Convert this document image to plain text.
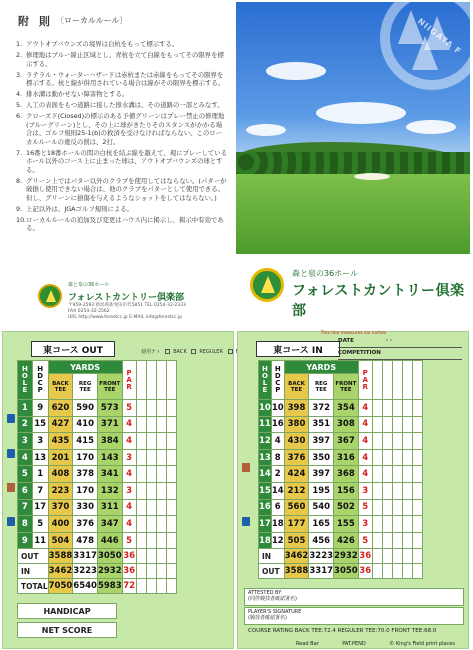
附 則 〔ローカルルール〕
1. アウトオブバウンズの境界は白杭をもって標示する。
2. 修理地はブルー線止区域とし、青杭を立て白線をもってその限界を標示する。
3. ラテラル・ウォーターハザードは赤杭または赤線をもってその限界を標示する。杭と線が併用されている場合は線がその限界を標示する。
4. 排水溝は動かせない障害物とする。
5. 人工の表面をもつ道路に接した排水溝は、その道路の一部とみなす。
6. クローズド(Closed)の標示のある予備グリーンはプレー禁止の修理地(ブルーグリーン)とし、その上に球がきたりそのスタンスがかかる場合は、ゴルフ規則25-1(b)の救済を受けなければならない。このローカルルールの違反の罰は、2打。
7. 16番と18番ホールの間の白杭を結ぶ線を越えて、現にプレーしているホール以外のコース上に止まった球は、アウトオブバウンズの球とする。
8. グリーン上ではパター以外のクラブを使用してはならない。(パターが破損し使用できない場合は、他のクラブをパターとして使用できる。但し、グリーンに損傷を与えるようなショットをしてはならない。)
9. 上記以外は、JGAゴルフ規則による。
10. ローカルルールの追加及び変更はハウス内に掲示し、掲示中有効である。
森と泉の36ホール
フォレストカントリー倶楽部
〒959-2593 新潟県新発田市代5851 TEL 0254-32-2333 FAX 0254-32-2562
URL http://www.forestcc.jp E-MAIL info@forestcc.jp
NIIGATA F
森と泉の36ホール
フォレストカントリー倶楽部
東コース OUT	使用ティ	BACK	REGULER
HOLE	HDCP	YARDS			PAR				
		BACK TEE	REG TEE	FRONT TEE					
1	9	620	590	573	5				
2	15	427	410	371	4				
3	3	435	415	384	4				
4	13	201	170	143	3				
5	1	408	378	341	4				
6	7	223	170	132	3				
7	17	370	330	311	4				
8	5	400	376	347	4				
9	11	504	478	446	5				
OUT		3588	3317	3050	36				
IN		3462	3223	2932	36				
TOTAL		7050	6540	5983	72				
HANDICAP
NET SCORE
東コース IN
DATE	· ·
COMPETITION
HOLE	HDCP	YARDS			PAR					
		BACK TEE	REG TEE	FRONT TEE						
10	10	398	372	354	4					
11	16	380	351	308	4					
12	4	430	397	367	4					
13	8	376	350	316	4					
14	2	424	397	368	4					
15	14	212	195	156	3					
16	6	560	540	502	5					
17	18	177	165	155	3					
18	12	505	456	426	5					
IN		3462	3223	2932	36					
OUT		3588	3317	3050	36					
ATTESTED BY
(同伴競技者確認署名)
PLAYER'S SIGNATURE
(競技者確認署名)
COURSE RATING BACK TEE:72.4 REGULER TEE:70.0 FRONT TEE:68.0
This line measures six inches
Read Bar	PAT.PEND	© King's Field print places
